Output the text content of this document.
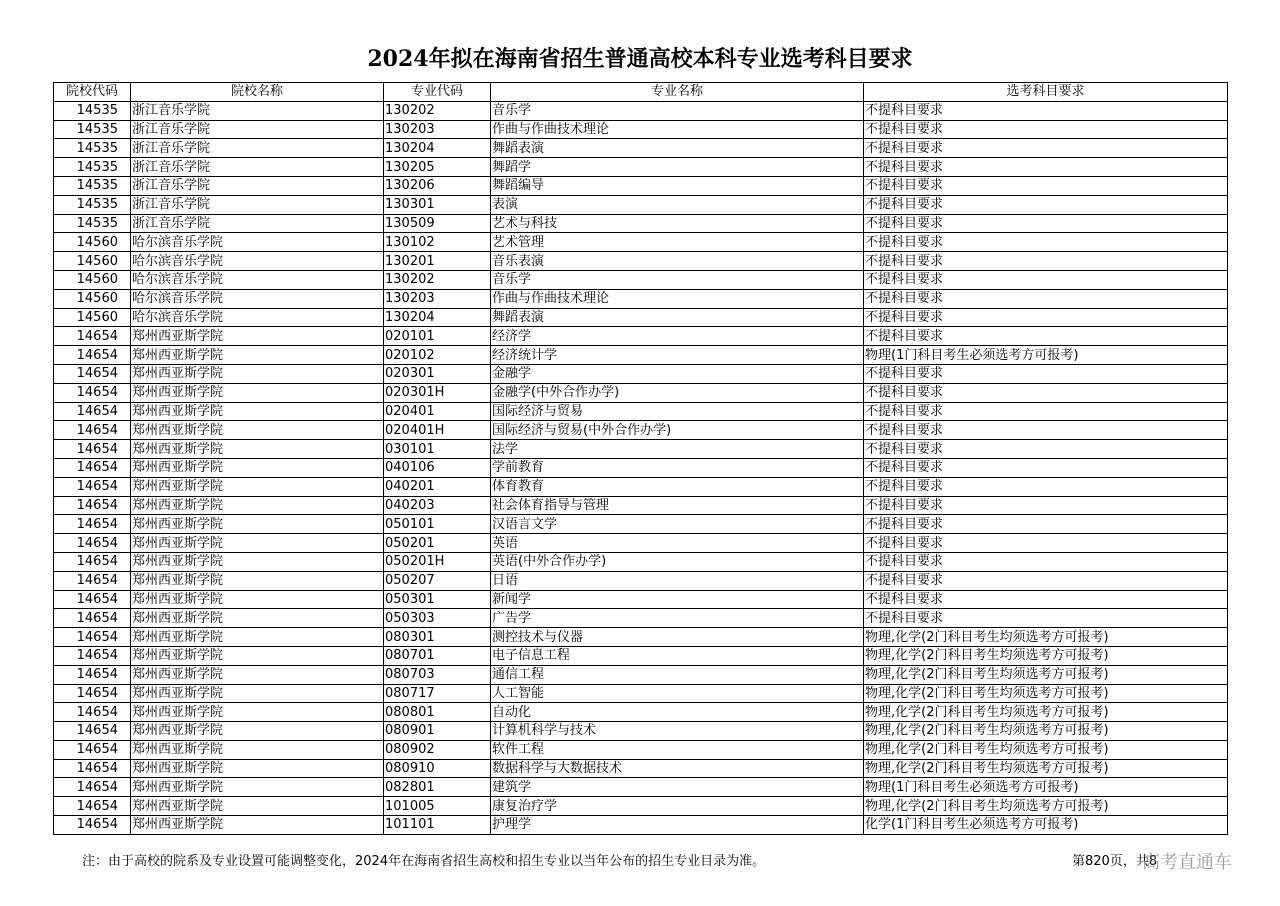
2024年拟在海南省招生普通高校本科专业选考科目要求
院校代码	院校名称	专业代码	专业名称	选考科目要求
14535	浙江音乐学院	130202	音乐学	不提科目要求
14535	浙江音乐学院	130203	作曲与作曲技术理论	不提科目要求
14535	浙江音乐学院	130204	舞蹈表演	不提科目要求
14535	浙江音乐学院	130205	舞蹈学	不提科目要求
14535	浙江音乐学院	130206	舞蹈编导	不提科目要求
14535	浙江音乐学院	130301	表演	不提科目要求
14535	浙江音乐学院	130509	艺术与科技	不提科目要求
14560	哈尔滨音乐学院	130102	艺术管理	不提科目要求
14560	哈尔滨音乐学院	130201	音乐表演	不提科目要求
14560	哈尔滨音乐学院	130202	音乐学	不提科目要求
14560	哈尔滨音乐学院	130203	作曲与作曲技术理论	不提科目要求
14560	哈尔滨音乐学院	130204	舞蹈表演	不提科目要求
14654	郑州西亚斯学院	020101	经济学	不提科目要求
14654	郑州西亚斯学院	020102	经济统计学	物理(1门科目考生必须选考方可报考)
14654	郑州西亚斯学院	020301	金融学	不提科目要求
14654	郑州西亚斯学院	020301H	金融学(中外合作办学)	不提科目要求
14654	郑州西亚斯学院	020401	国际经济与贸易	不提科目要求
14654	郑州西亚斯学院	020401H	国际经济与贸易(中外合作办学)	不提科目要求
14654	郑州西亚斯学院	030101	法学	不提科目要求
14654	郑州西亚斯学院	040106	学前教育	不提科目要求
14654	郑州西亚斯学院	040201	体育教育	不提科目要求
14654	郑州西亚斯学院	040203	社会体育指导与管理	不提科目要求
14654	郑州西亚斯学院	050101	汉语言文学	不提科目要求
14654	郑州西亚斯学院	050201	英语	不提科目要求
14654	郑州西亚斯学院	050201H	英语(中外合作办学)	不提科目要求
14654	郑州西亚斯学院	050207	日语	不提科目要求
14654	郑州西亚斯学院	050301	新闻学	不提科目要求
14654	郑州西亚斯学院	050303	广告学	不提科目要求
14654	郑州西亚斯学院	080301	测控技术与仪器	物理,化学(2门科目考生均须选考方可报考)
14654	郑州西亚斯学院	080701	电子信息工程	物理,化学(2门科目考生均须选考方可报考)
14654	郑州西亚斯学院	080703	通信工程	物理,化学(2门科目考生均须选考方可报考)
14654	郑州西亚斯学院	080717	人工智能	物理,化学(2门科目考生均须选考方可报考)
14654	郑州西亚斯学院	080801	自动化	物理,化学(2门科目考生均须选考方可报考)
14654	郑州西亚斯学院	080901	计算机科学与技术	物理,化学(2门科目考生均须选考方可报考)
14654	郑州西亚斯学院	080902	软件工程	物理,化学(2门科目考生均须选考方可报考)
14654	郑州西亚斯学院	080910	数据科学与大数据技术	物理,化学(2门科目考生均须选考方可报考)
14654	郑州西亚斯学院	082801	建筑学	物理(1门科目考生必须选考方可报考)
14654	郑州西亚斯学院	101005	康复治疗学	物理,化学(2门科目考生均须选考方可报考)
14654	郑州西亚斯学院	101101	护理学	化学(1门科目考生必须选考方可报考)
注：由于高校的院系及专业设置可能调整变化，2024年在海南省招生高校和招生专业以当年公布的招生专业目录为准。	第820页，共8
高考直通车
